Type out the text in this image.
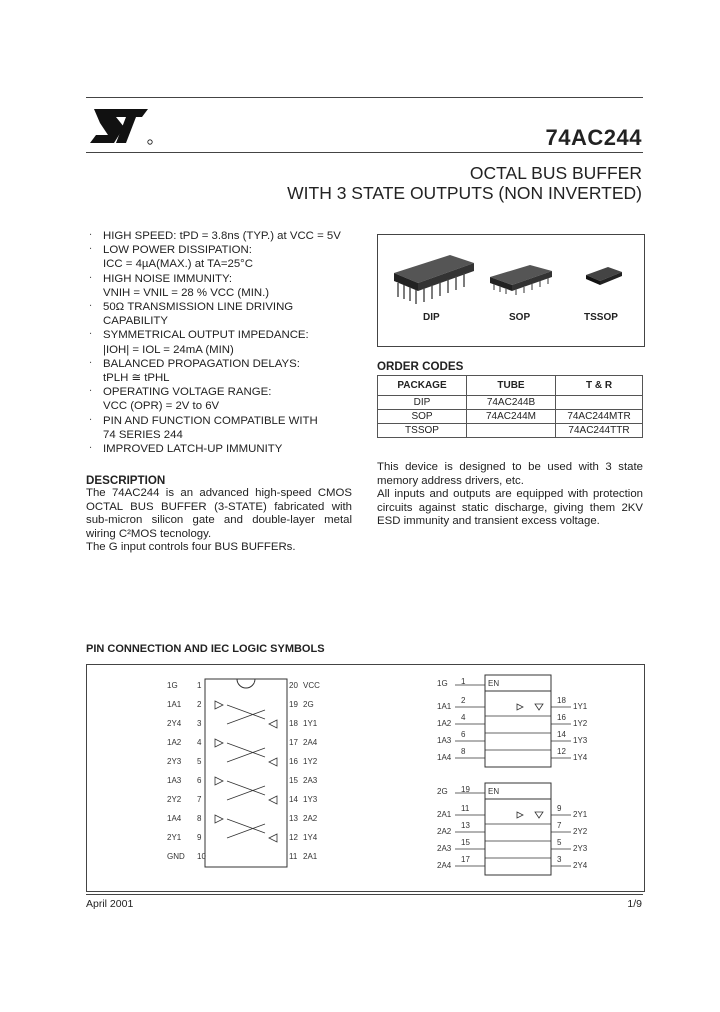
74AC244
OCTAL BUS BUFFER
WITH 3 STATE OUTPUTS (NON INVERTED)
. HIGH SPEED: tPD = 3.8ns (TYP.) at VCC = 5V
. LOW POWER DISSIPATION:
ICC = 4µA(MAX.) at TA=25°C
. HIGH NOISE IMMUNITY:
VNIH = VNIL = 28 % VCC (MIN.)
. 50Ω TRANSMISSION LINE DRIVING
CAPABILITY
. SYMMETRICAL OUTPUT IMPEDANCE:
|IOH| = IOL = 24mA (MIN)
. BALANCED PROPAGATION DELAYS:
tPLH ≅ tPHL
. OPERATING VOLTAGE RANGE:
VCC (OPR) = 2V to 6V
. PIN AND FUNCTION COMPATIBLE WITH
74 SERIES 244
. IMPROVED LATCH-UP IMMUNITY
DESCRIPTION

The 74AC244 is an advanced high-speed CMOS OCTAL BUS BUFFER (3-STATE) fabricated with sub-micron silicon gate and double-layer metal wiring C²MOS tecnology.

The G input controls four BUS BUFFERs.

This device is designed to be used with 3 state memory address drivers, etc.

All inputs and outputs are equipped with protection circuits against static discharge, giving them 2KV ESD immunity and transient excess voltage.

DIP	SOP	TSSOP
ORDER CODES
PACKAGE	TUBE	T & R
DIP	74AC244B	
SOP	74AC244M	74AC244MTR
TSSOP		74AC244TTR
PIN CONNECTION AND IEC LOGIC SYMBOLS
1G 1	20 VCC
1A1 2	19 2G
2Y4 3	18 1Y1
1A2 4	17 2A4
2Y3 5	16 1Y2
1A3 6	15 2A3
2Y2 7	14 1Y3
1A4 8	13 2A2
2Y1 9	12 1Y4
GND 10	11 2A1
1G 1	EN
1A1
2	18
1Y1
1A2
4	16
1Y2
1A3
6	14
1Y3
1A4
8	12
1Y4
2G 19 EN
2A1
11	9
2Y1
2A2
13	7
2Y2
2A3
15	5
2Y3
2A4
17	3
2Y4
April 2001	1/9
